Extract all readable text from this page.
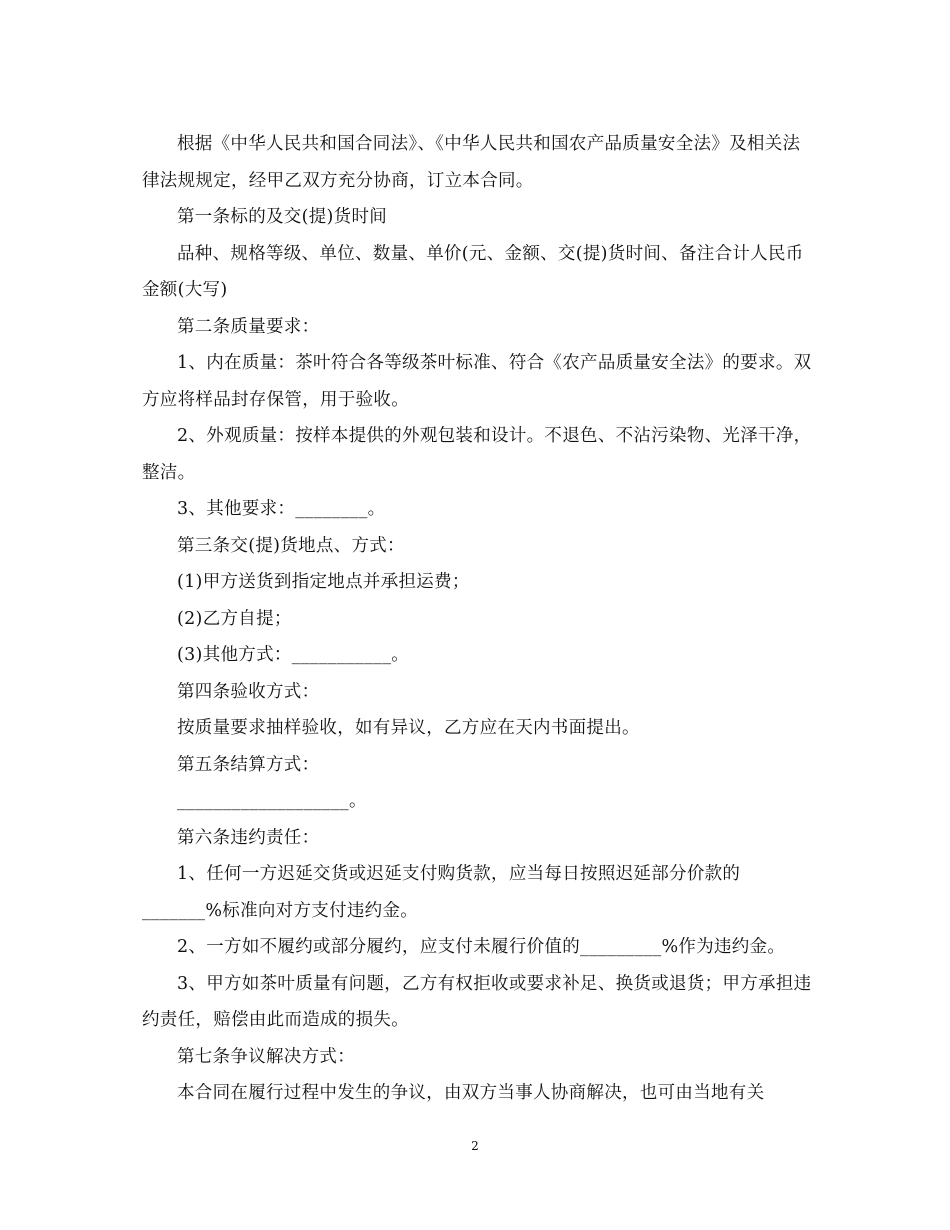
根据《中华人民共和国合同法》、《中华人民共和国农产品质量安全法》及相关法律法规规定，经甲乙双方充分协商，订立本合同。

第一条标的及交(提)货时间

品种、规格等级、单位、数量、单价(元、金额、交(提)货时间、备注合计人民币金额(大写)

第二条质量要求：

1、内在质量：茶叶符合各等级茶叶标准、符合《农产品质量安全法》的要求。双方应将样品封存保管，用于验收。

2、外观质量：按样本提供的外观包装和设计。不退色、不沾污染物、光泽干净，整洁。

3、其他要求：________。

第三条交(提)货地点、方式：

(1)甲方送货到指定地点并承担运费；

(2)乙方自提；

(3)其他方式：___________。

第四条验收方式：

按质量要求抽样验收，如有异议，乙方应在天内书面提出。

第五条结算方式：

___________________。

第六条违约责任：

1、任何一方迟延交货或迟延支付购货款，应当每日按照迟延部分价款的_______%标准向对方支付违约金。

2、一方如不履约或部分履约，应支付未履行价值的_________%作为违约金。

3、甲方如茶叶质量有问题，乙方有权拒收或要求补足、换货或退货；甲方承担违约责任，赔偿由此而造成的损失。

第七条争议解决方式：

本合同在履行过程中发生的争议，由双方当事人协商解决，也可由当地有关

2
